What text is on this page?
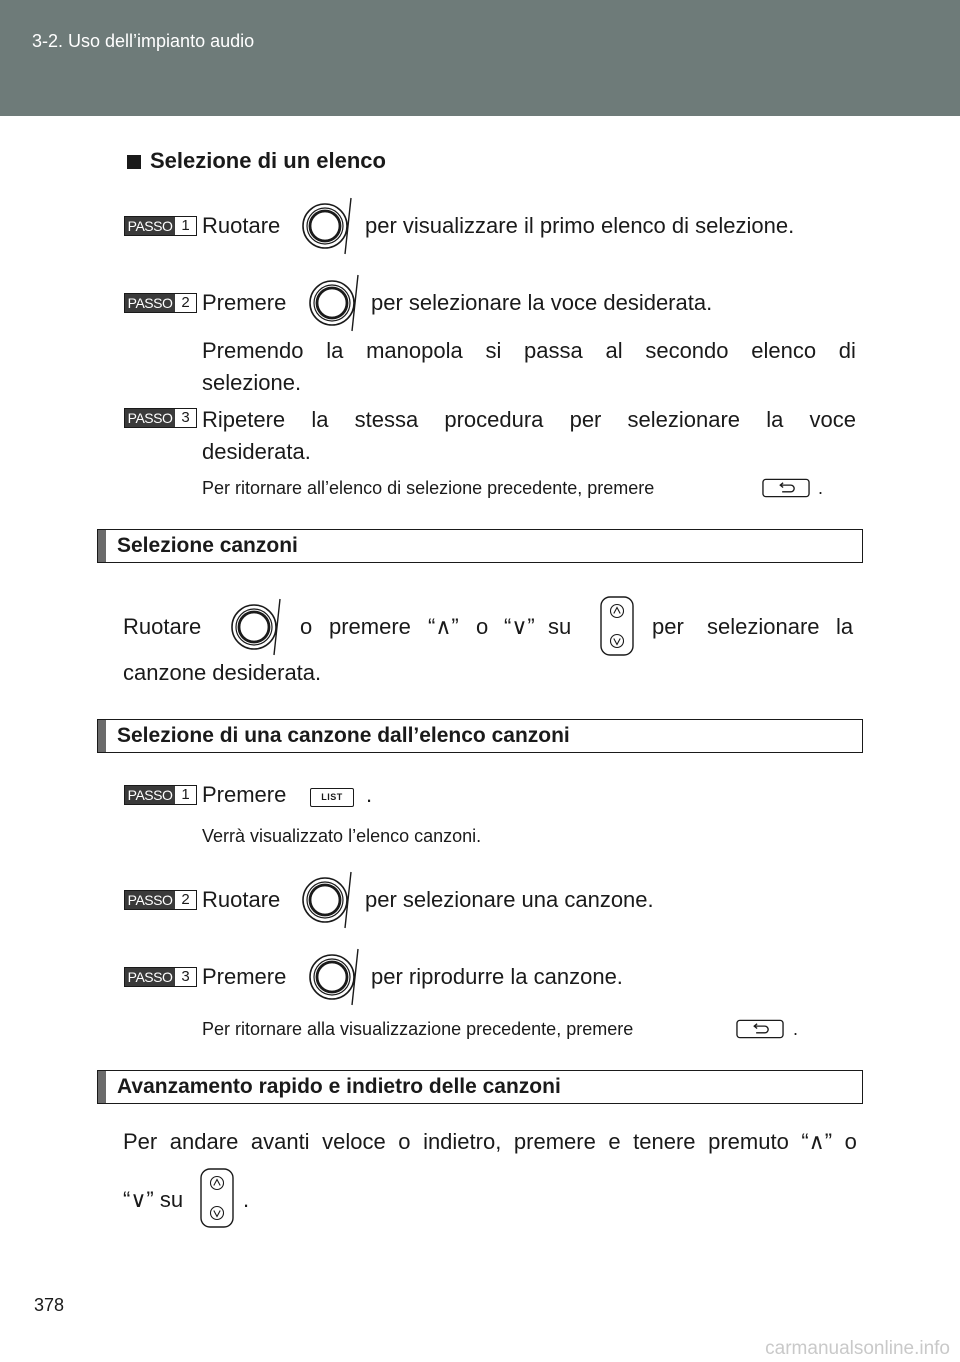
3-2. Uso dell’impianto audio
Selezione di un elenco
PASSO 1 Ruotare	per visualizzare il primo elenco di selezione.
PASSO 2 Premere	per selezionare la voce desiderata.
Premendo la manopola si passa al secondo elenco di
selezione.
PASSO 3 Ripetere la stessa procedura per selezionare la voce
desiderata.
Per ritornare all’elenco di selezione precedente, premere	.
Selezione canzoni
Ruotare	o premere “∧” o “∨” su	per selezionare la
canzone desiderata.
Selezione di una canzone dall’elenco canzoni
PASSO 1 Premere	LIST	.
Verrà visualizzato l’elenco canzoni.
PASSO 2 Ruotare	per selezionare una canzone.
PASSO 3 Premere	per riprodurre la canzone.
Per ritornare alla visualizzazione precedente, premere	.
Avanzamento rapido e indietro delle canzoni
Per andare avanti veloce o indietro, premere e tenere premuto “∧” o
“∨” su	.
378
carmanualsonline.info
